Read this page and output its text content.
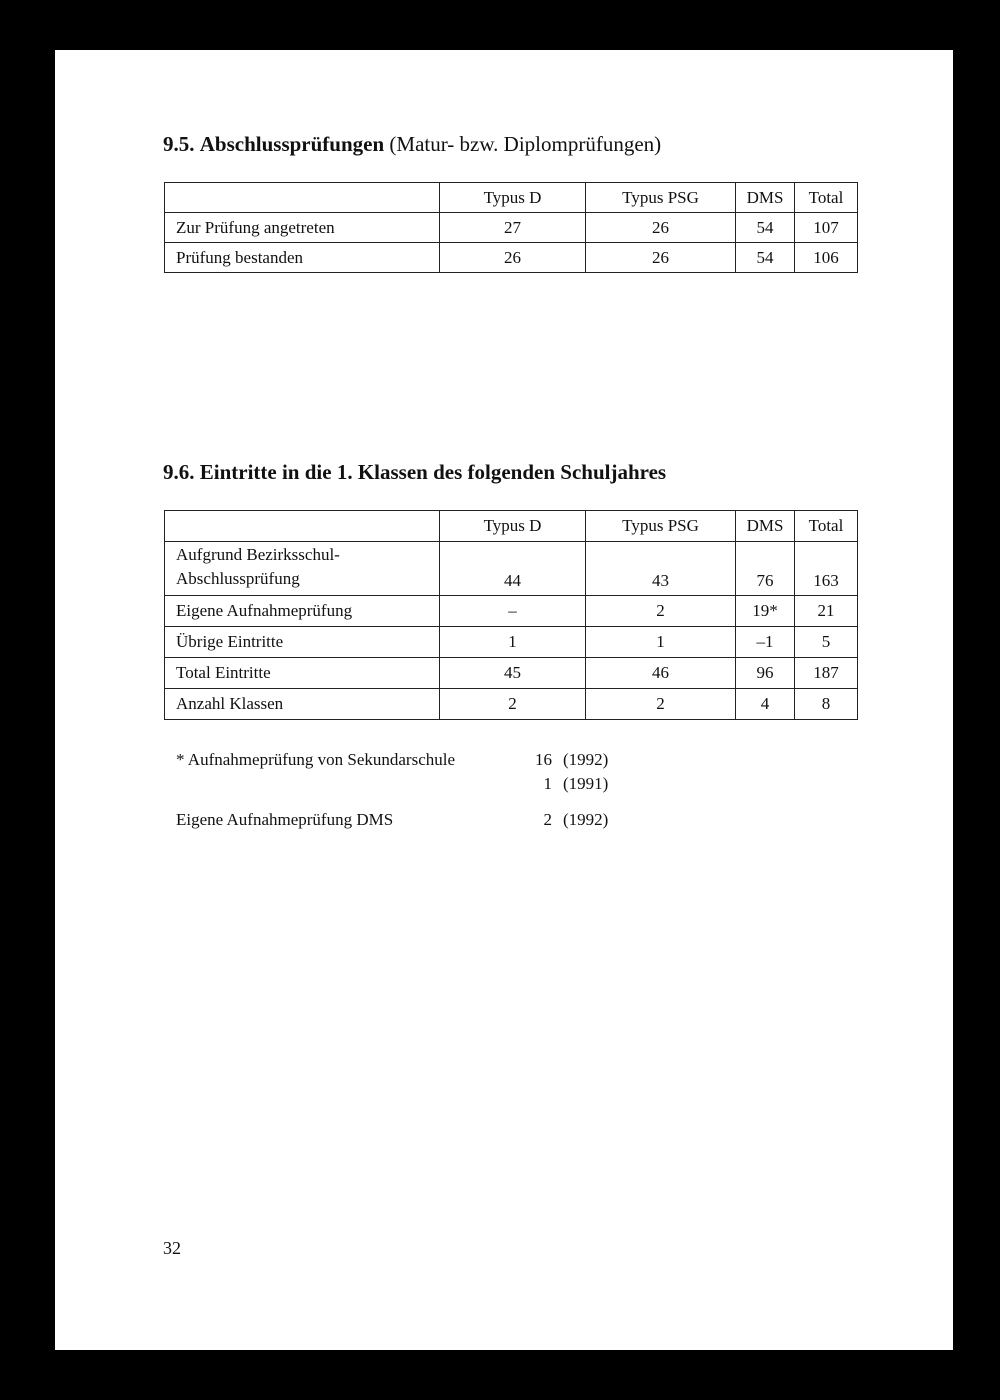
9.5. Abschlussprüfungen (Matur- bzw. Diplomprüfungen)
	Typus D	Typus PSG	DMS	Total
Zur Prüfung angetreten	27	26	54	107
Prüfung bestanden	26	26	54	106
9.6. Eintritte in die 1. Klassen des folgenden Schuljahres
	Typus D	Typus PSG	DMS	Total

Aufgrund Bezirksschul-
Abschlussprüfung	44	43	76	163
Eigene Aufnahmeprüfung	–	2	19*	21
Übrige Eintritte	1	1	–1	5
Total Eintritte	45	46	96	187
Anzahl Klassen	2	2	4	8
* Aufnahmeprüfung von Sekundarschule	16 (1992)
1 (1991)
Eigene Aufnahmeprüfung DMS	2 (1992)
32
